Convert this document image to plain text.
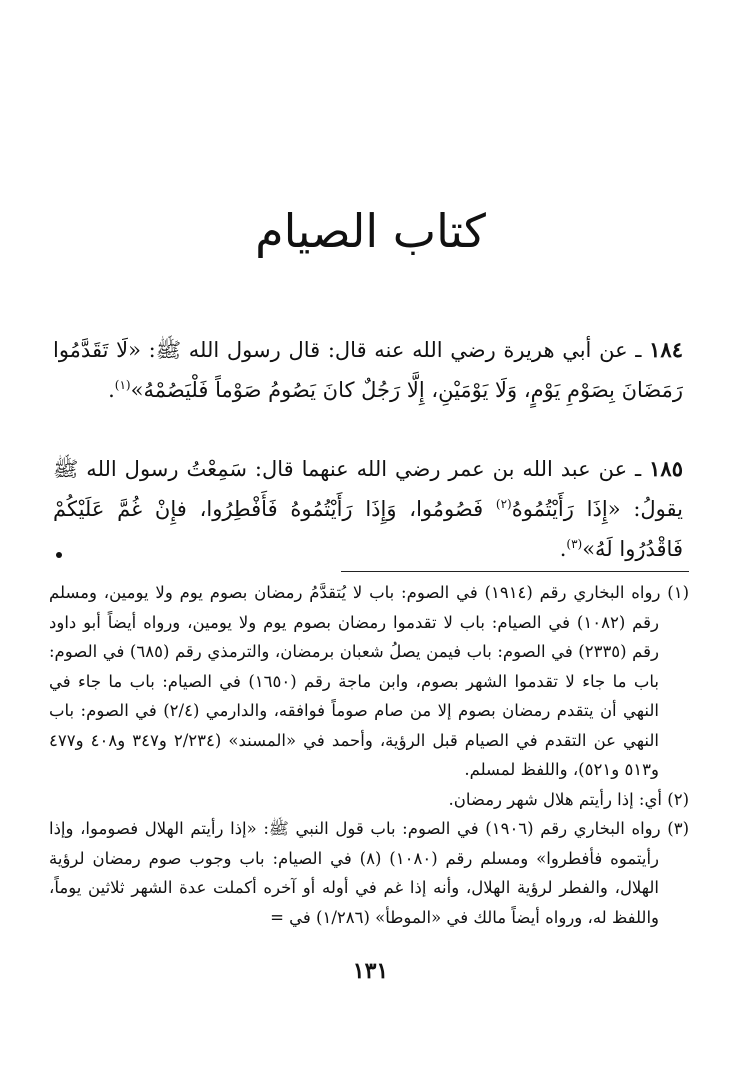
كتاب الصيام

١٨٤ ـ عن أبي هريرة رضي الله عنه قال: قال رسول الله ﷺ: «لَا تَقَدَّمُوا رَمَضَانَ بِصَوْمِ يَوْمٍ، وَلَا يَوْمَيْنِ، إِلَّا رَجُلٌ كانَ يَصُومُ صَوْماً فَلْيَصُمْهُ»$^{(١)}$.

١٨٥ ـ عن عبد الله بن عمر رضي الله عنهما قال: سَمِعْتُ رسول الله ﷺ يقولُ: «إِذَا رَأَيْتُمُوهُ$^{(٢)}$ فَصُومُوا، وَإِذَا رَأَيْتُمُوهُ فَأَفْطِرُوا، فإِنْ غُمَّ عَلَيْكُمْ فَاقْدُرُوا لَهُ»$^{(٣)}$.

(١) رواه البخاري رقم (١٩١٤) في الصوم: باب لا يُتقدَّمُ رمضان بصوم يوم ولا يومين، ومسلم رقم (١٠٨٢) في الصيام: باب لا تقدموا رمضان بصوم يوم ولا يومين، ورواه أيضاً أبو داود رقم (٢٣٣٥) في الصوم: باب فيمن يصلُ شعبان برمضان، والترمذي رقم (٦٨٥) في الصوم: باب ما جاء لا تقدموا الشهر بصوم، وابن ماجة رقم (١٦٥٠) في الصيام: باب ما جاء في النهي أن يتقدم رمضان بصوم إلا من صام صوماً فوافقه، والدارمي (٢/٤) في الصوم: باب النهي عن التقدم في الصيام قبل الرؤية، وأحمد في «المسند» (٢/٢٣٤ و٣٤٧ و٤٠٨ و٤٧٧ و٥١٣ و٥٢١)، واللفظ لمسلم.

(٢) أي: إذا رأيتم هلال شهر رمضان.

(٣) رواه البخاري رقم (١٩٠٦) في الصوم: باب قول النبي ﷺ: «إذا رأيتم الهلال فصوموا، وإذا رأيتموه فأفطروا» ومسلم رقم (١٠٨٠) (٨) في الصيام: باب وجوب صوم رمضان لرؤية الهلال، والفطر لرؤية الهلال، وأنه إذا غم في أوله أو آخره أكملت عدة الشهر ثلاثين يوماً، واللفظ له، ورواه أيضاً مالك في «الموطأ» (١/٢٨٦) في =

١٣١
